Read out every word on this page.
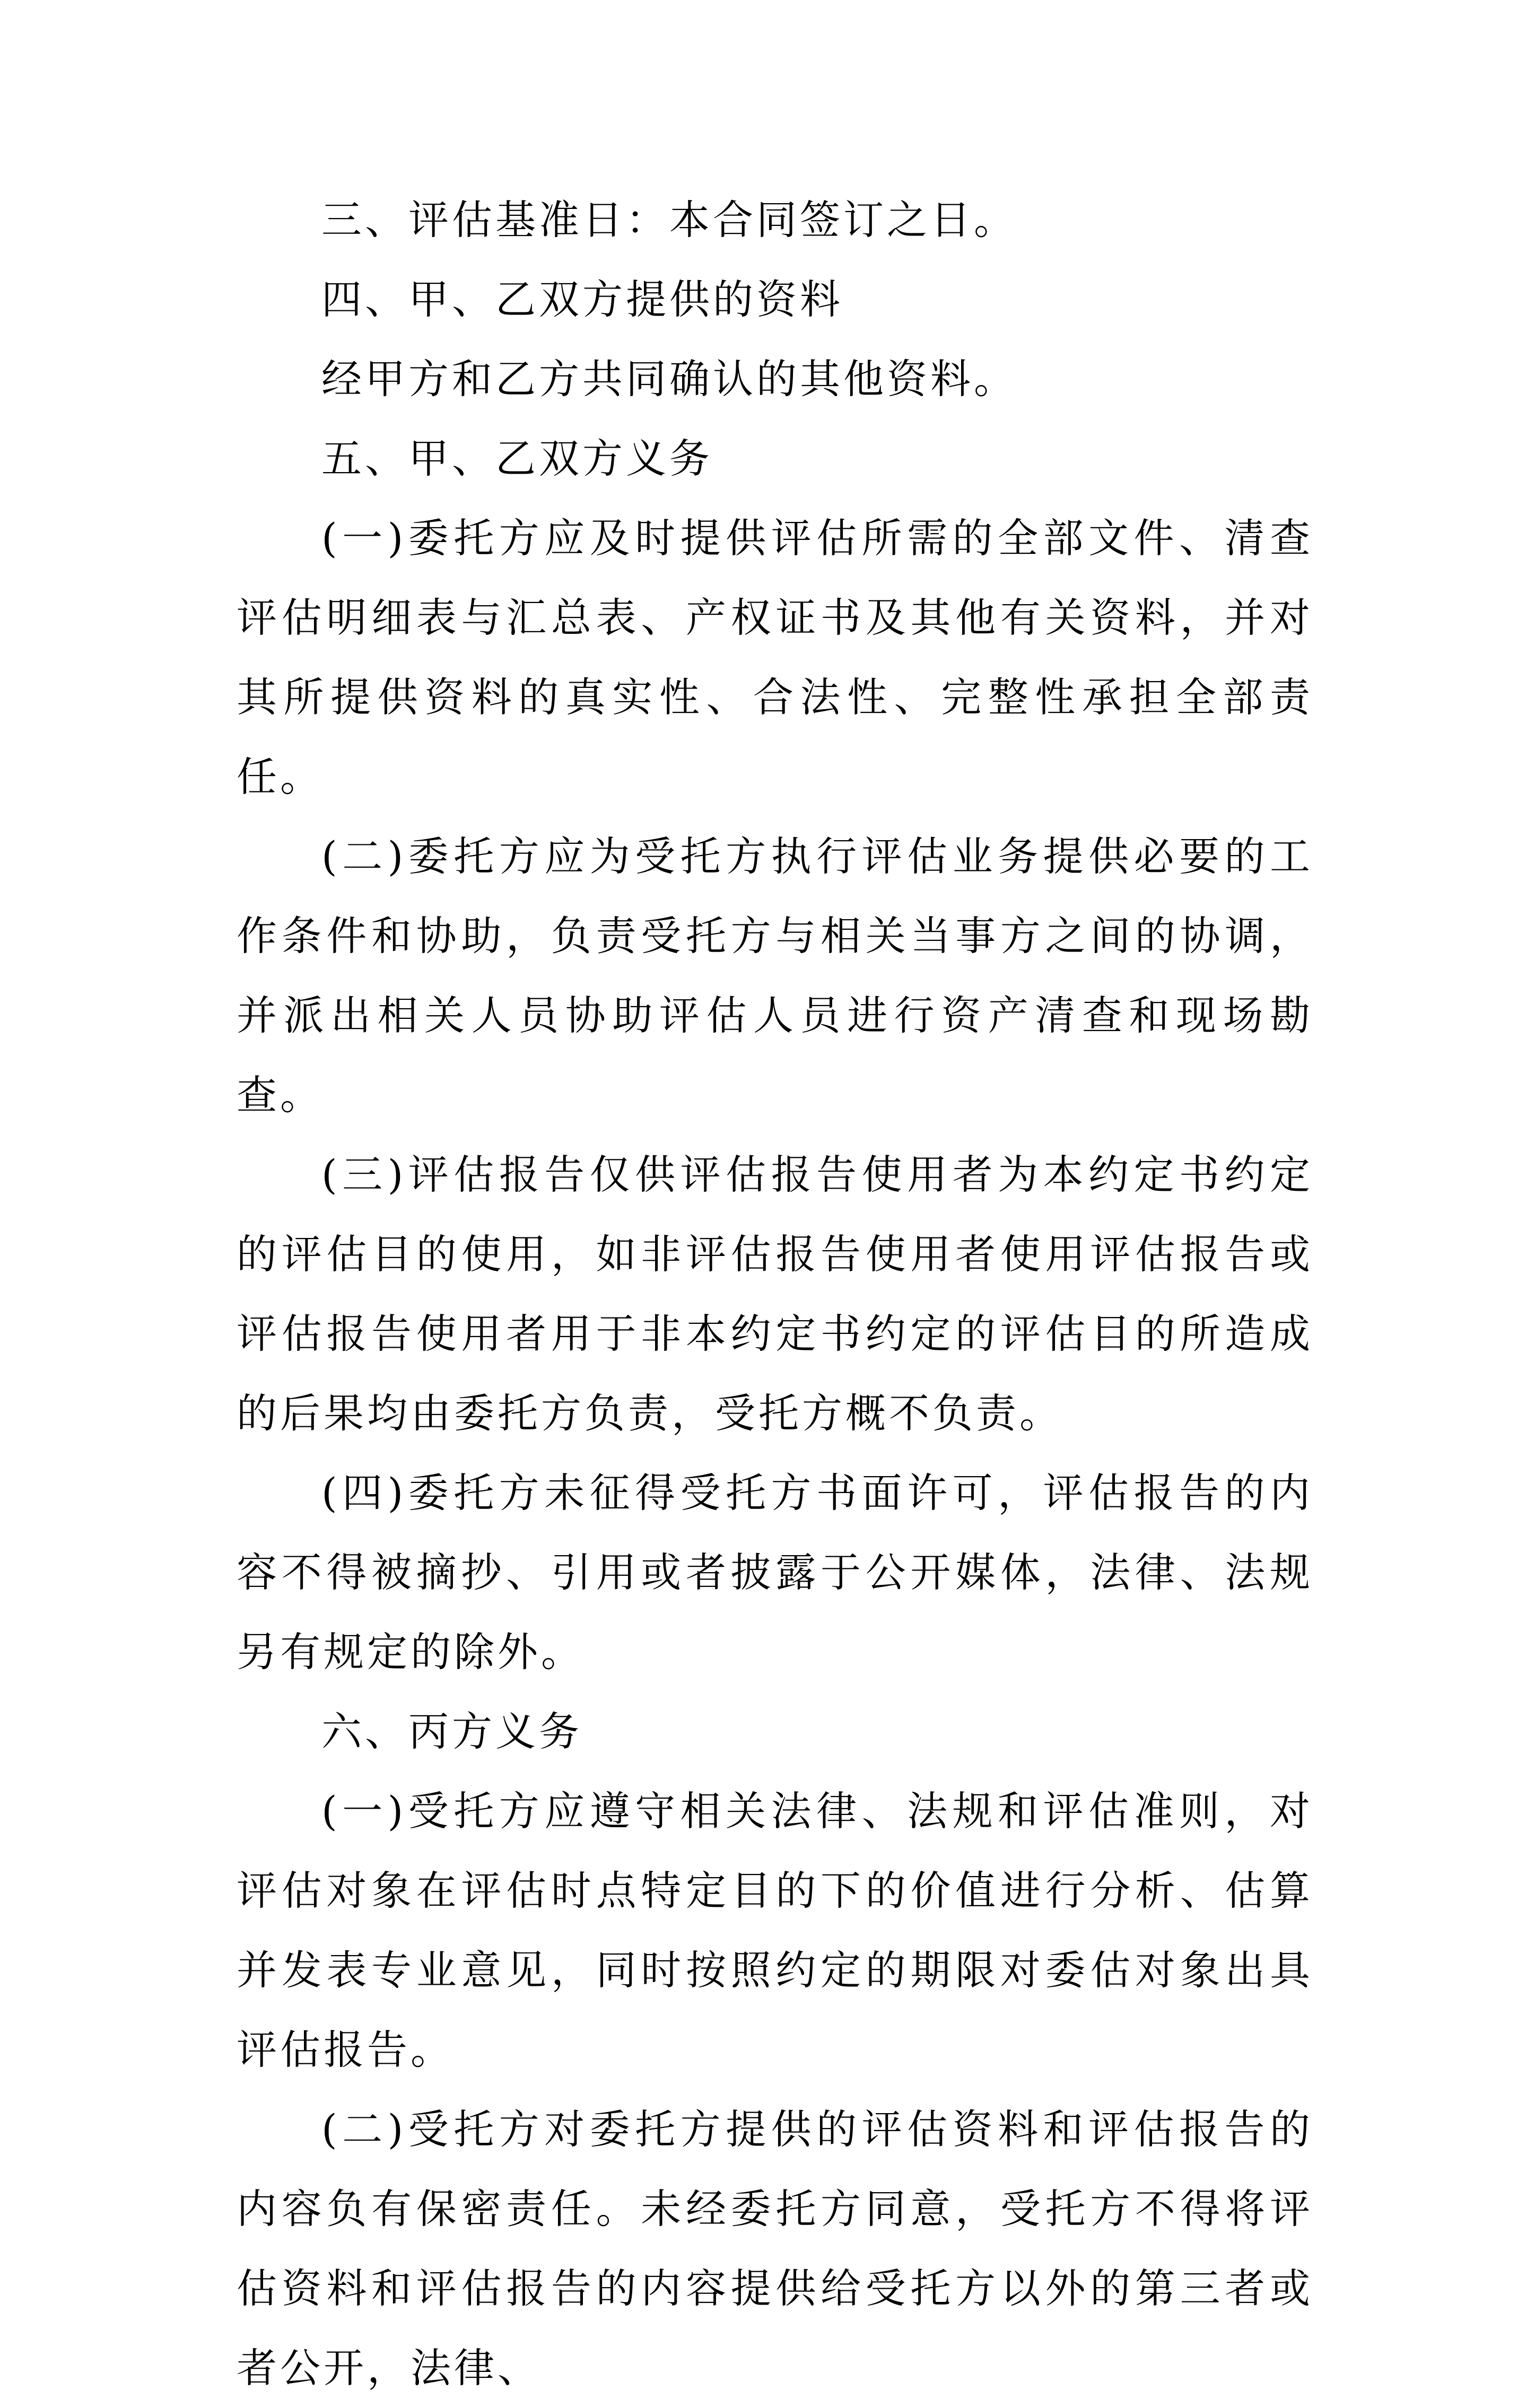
三、评估基准日：本合同签订之日。

四、甲、乙双方提供的资料

经甲方和乙方共同确认的其他资料。

五、甲、乙双方义务

(一)委托方应及时提供评估所需的全部文件、清查评估明细表与汇总表、产权证书及其他有关资料，并对其所提供资料的真实性、合法性、完整性承担全部责任。

(二)委托方应为受托方执行评估业务提供必要的工作条件和协助，负责受托方与相关当事方之间的协调，并派出相关人员协助评估人员进行资产清查和现场勘查。

(三)评估报告仅供评估报告使用者为本约定书约定的评估目的使用，如非评估报告使用者使用评估报告或评估报告使用者用于非本约定书约定的评估目的所造成的后果均由委托方负责，受托方概不负责。

(四)委托方未征得受托方书面许可，评估报告的内容不得被摘抄、引用或者披露于公开媒体，法律、法规另有规定的除外。

六、丙方义务

(一)受托方应遵守相关法律、法规和评估准则，对评估对象在评估时点特定目的下的价值进行分析、估算并发表专业意见，同时按照约定的期限对委估对象出具评估报告。

(二)受托方对委托方提供的评估资料和评估报告的内容负有保密责任。未经委托方同意，受托方不得将评估资料和评估报告的内容提供给受托方以外的第三者或者公开，法律、
